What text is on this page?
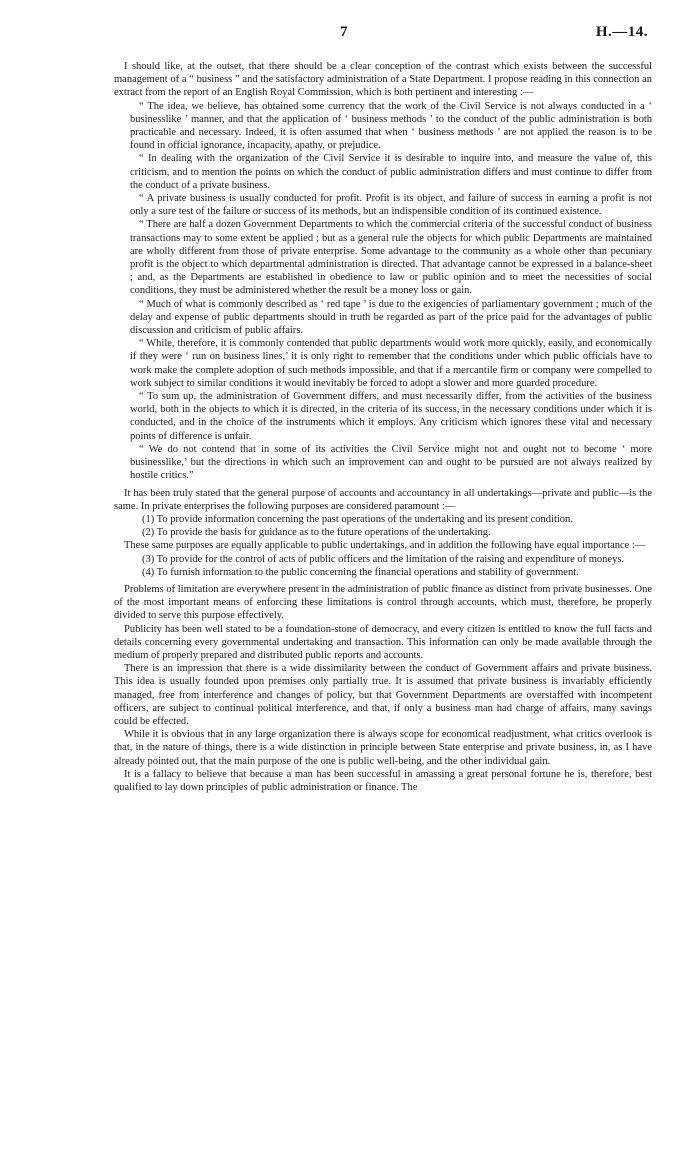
7	H.—14.

I should like, at the outset, that there should be a clear conception of the contrast which exists between the successful management of a “ business ” and the satisfactory administration of a State Department. I propose reading in this connection an extract from the report of an English Royal Commission, which is both pertinent and interesting :—

“ The idea, we believe, has obtained some currency that the work of the Civil Service is not always conducted in a ‘ businesslike ’ manner, and that the application of ‘ business methods ’ to the conduct of the public administration is both practicable and necessary. Indeed, it is often assumed that when ‘ business methods ’ are not applied the reason is to be found in official ignorance, incapacity, apathy, or prejudice.

“ In dealing with the organization of the Civil Service it is desirable to inquire into, and measure the value of, this criticism, and to mention the points on which the conduct of public administration differs and must continue to differ from the conduct of a private business.

“ A private business is usually conducted for profit. Profit is its object, and failure of success in earning a profit is not only a sure test of the failure or success of its methods, but an indispensible condition of its continued existence.

“ There are half a dozen Government Departments to which the commercial criteria of the successful conduct of business transactions may to some extent be applied ; but as a general rule the objects for which public Departments are maintained are wholly different from those of private enterprise. Some advantage to the community as a whole other than pecuniary profit is the object to which departmental administration is directed. That advantage cannot be expressed in a balance-sheet ; and, as the Departments are established in obedience to law or public opinion and to meet the necessities of social conditions, they must be administered whether the result be a money loss or gain.

“ Much of what is commonly described as ‘ red tape ’ is due to the exigencies of parliamentary government ; much of the delay and expense of public departments should in truth be regarded as part of the price paid for the advantages of public discussion and criticism of public affairs.

“ While, therefore, it is commonly contended that public departments would work more quickly, easily, and economically if they were ‘ run on business lines,’ it is only right to remember that the conditions under which public officials have to work make the complete adoption of such methods impossible, and that if a mercantile firm or company were compelled to work subject to similar conditions it would inevitably be forced to adopt a slower and more guarded procedure.

“ To sum up, the administration of Government differs, and must necessarily differ, from the activities of the business world, both in the objects to which it is directed, in the criteria of its success, in the necessary conditions under which it is conducted, and in the choice of the instruments which it employs. Any criticism which ignores these vital and necessary points of difference is unfair.

“ We do not contend that in some of its activities the Civil Service might not and ought not to become ‘ more businesslike,’ but the directions in which such an improvement can and ought to be pursued are not always realized by hostile critics.”

It has been truly stated that the general purpose of accounts and accountancy in all undertakings—private and public—is the same. In private enterprises the following purposes are considered paramount :—

(1) To provide information concerning the past operations of the undertaking and its present condition.

(2) To provide the basis for guidance as to the future operations of the undertaking.

These same purposes are equally applicable to public undertakings, and in addition the following have equal importance :—

(3) To provide for the control of acts of public officers and the limitation of the raising and expenditure of moneys.

(4) To furnish information to the public concerning the financial operations and stability of government.

Problems of limitation are everywhere present in the administration of public finance as distinct from private businesses. One of the most important means of enforcing these limitations is control through accounts, which must, therefore, be properly divided to serve this purpose effectively.

Publicity has been well stated to be a foundation-stone of democracy, and every citizen is entitled to know the full facts and details concerning every governmental undertaking and transaction. This information can only be made available through the medium of properly prepared and distributed public reports and accounts.

There is an impression that there is a wide dissimilarity between the conduct of Government affairs and private business. This idea is usually founded upon premises only partially true. It is assumed that private business is invariably efficiently managed, free from interference and changes of policy, but that Government Departments are overstaffed with incompetent officers, are subject to continual political interference, and that, if only a business man had charge of affairs, many savings could be effected.

While it is obvious that in any large organization there is always scope for economical readjustment, what critics overlook is that, in the nature of things, there is a wide distinction in principle between State enterprise and private business, in, as I have already pointed out, that the main purpose of the one is public well-being, and the other individual gain.

It is a fallacy to believe that because a man has been successful in amassing a great personal fortune he is, therefore, best qualified to lay down principles of public administration or finance. The
